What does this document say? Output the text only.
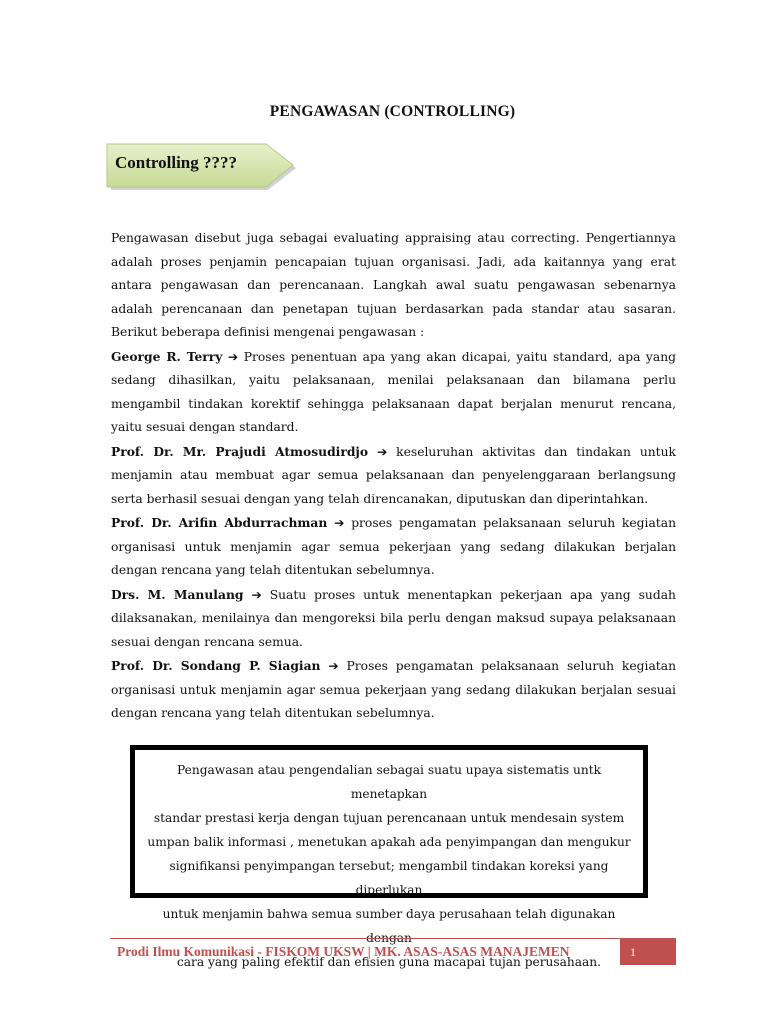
PENGAWASAN (CONTROLLING)
Controlling ????

Pengawasan disebut juga sebagai evaluating appraising atau correcting. Pengertiannya adalah proses penjamin pencapaian tujuan organisasi. Jadi, ada kaitannya yang erat antara pengawasan dan perencanaan. Langkah awal suatu pengawasan sebenarnya adalah perencanaan dan penetapan tujuan berdasarkan pada standar atau sasaran. Berikut beberapa definisi mengenai pengawasan :

George R. Terry ➔ Proses penentuan apa yang akan dicapai, yaitu standard, apa yang sedang dihasilkan, yaitu pelaksanaan, menilai pelaksanaan dan bilamana perlu mengambil tindakan korektif sehingga pelaksanaan dapat berjalan menurut rencana, yaitu sesuai dengan standard.

Prof. Dr. Mr. Prajudi Atmosudirdjo ➔ keseluruhan aktivitas dan tindakan untuk menjamin atau membuat agar semua pelaksanaan dan penyelenggaraan berlangsung serta berhasil sesuai dengan yang telah direncanakan, diputuskan dan diperintahkan.

Prof. Dr. Arifin Abdurrachman ➔ proses pengamatan pelaksanaan seluruh kegiatan organisasi untuk menjamin agar semua pekerjaan yang sedang dilakukan berjalan dengan rencana yang telah ditentukan sebelumnya.

Drs. M. Manulang ➔ Suatu proses untuk menentapkan pekerjaan apa yang sudah dilaksanakan, menilainya dan mengoreksi bila perlu dengan maksud supaya pelaksanaan sesuai dengan rencana semua.

Prof. Dr. Sondang P. Siagian ➔ Proses pengamatan pelaksanaan seluruh kegiatan organisasi untuk menjamin agar semua pekerjaan yang sedang dilakukan berjalan sesuai dengan rencana yang telah ditentukan sebelumnya.

Pengawasan atau pengendalian sebagai suatu upaya sistematis untk menetapkan

standar prestasi kerja dengan tujuan perencanaan untuk mendesain system

umpan balik informasi , menetukan apakah ada penyimpangan dan mengukur

signifikansi penyimpangan tersebut; mengambil tindakan koreksi yang diperlukan

untuk menjamin bahwa semua sumber daya perusahaan telah digunakan dengan

cara yang paling efektif dan efisien guna macapai tujan perusahaan.

Prodi Ilmu Komunikasi - FISKOM UKSW | MK. ASAS-ASAS MANAJEMEN	1
